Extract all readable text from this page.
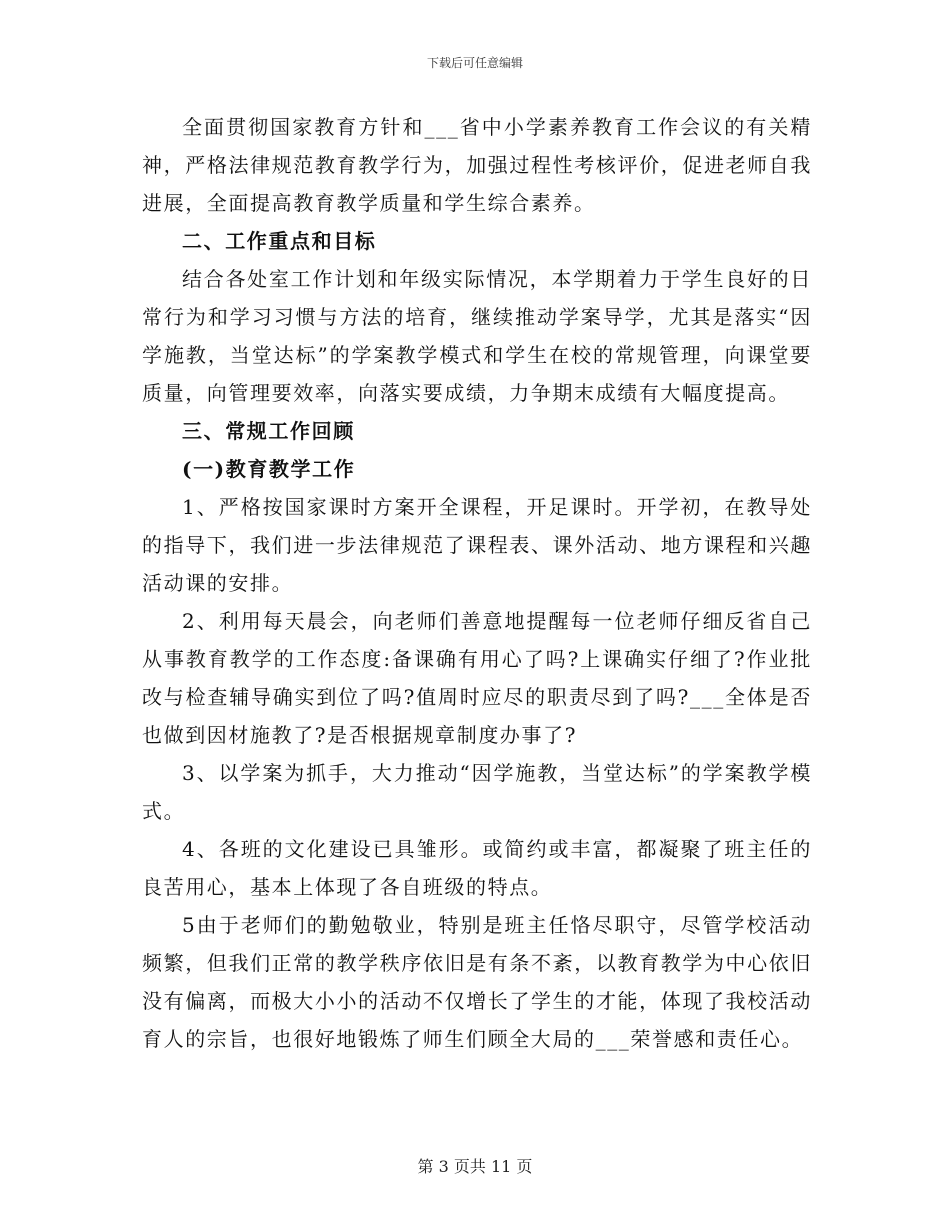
下载后可任意编辑

全面贯彻国家教育方针和___省中小学素养教育工作会议的有关精神，严格法律规范教育教学行为，加强过程性考核评价，促进老师自我进展，全面提高教育教学质量和学生综合素养。

二、工作重点和目标

结合各处室工作计划和年级实际情况，本学期着力于学生良好的日常行为和学习习惯与方法的培育，继续推动学案导学，尤其是落实“因学施教，当堂达标”的学案教学模式和学生在校的常规管理，向课堂要质量，向管理要效率，向落实要成绩，力争期末成绩有大幅度提高。

三、常规工作回顾

(一)教育教学工作

1、严格按国家课时方案开全课程，开足课时。开学初，在教导处的指导下，我们进一步法律规范了课程表、课外活动、地方课程和兴趣活动课的安排。

2、利用每天晨会，向老师们善意地提醒每一位老师仔细反省自己从事教育教学的工作态度:备课确有用心了吗?上课确实仔细了?作业批改与检查辅导确实到位了吗?值周时应尽的职责尽到了吗?___全体是否也做到因材施教了?是否根据规章制度办事了?

3、以学案为抓手，大力推动“因学施教，当堂达标”的学案教学模式。

4、各班的文化建设已具雏形。或简约或丰富，都凝聚了班主任的良苦用心，基本上体现了各自班级的特点。

5由于老师们的勤勉敬业，特别是班主任恪尽职守，尽管学校活动频繁，但我们正常的教学秩序依旧是有条不紊，以教育教学为中心依旧没有偏离，而极大小小的活动不仅增长了学生的才能，体现了我校活动育人的宗旨，也很好地锻炼了师生们顾全大局的___荣誉感和责任心。

第 3 页共 11 页
